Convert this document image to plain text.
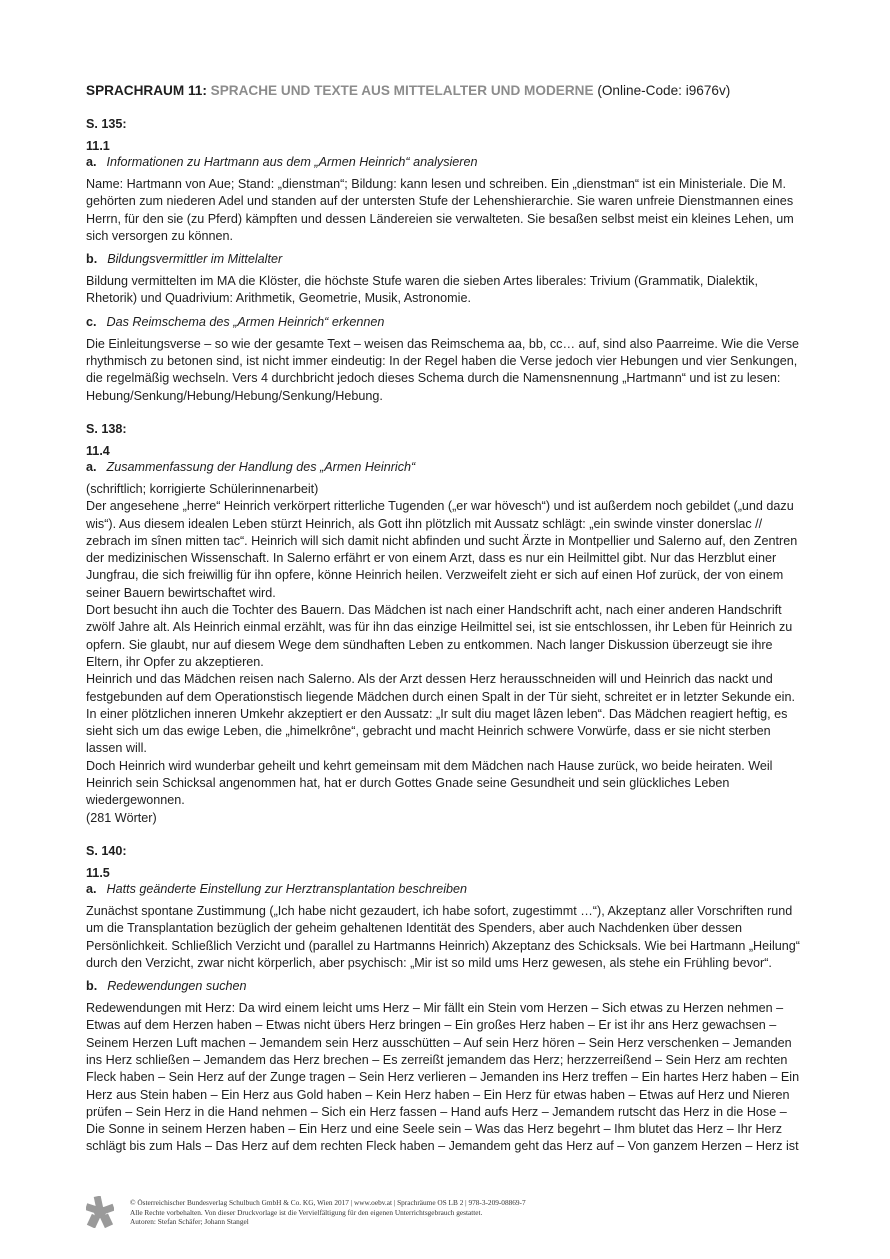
SPRACHRAUM 11: SPRACHE UND TEXTE AUS MITTELALTER UND MODERNE (Online-Code: i9676v)
S. 135:
11.1
a. Informationen zu Hartmann aus dem „Armen Heinrich“ analysieren

Name: Hartmann von Aue; Stand: „dienstman“; Bildung: kann lesen und schreiben. Ein „dienstman“ ist ein Ministeriale. Die M. gehörten zum niederen Adel und standen auf der untersten Stufe der Lehenshierarchie. Sie waren unfreie Dienstmannen eines Herrn, für den sie (zu Pferd) kämpften und dessen Ländereien sie verwalteten. Sie besaßen selbst meist ein kleines Lehen, um sich versorgen zu können.

b. Bildungsvermittler im Mittelalter

Bildung vermittelten im MA die Klöster, die höchste Stufe waren die sieben Artes liberales: Trivium (Grammatik, Dialektik, Rhetorik) und Quadrivium: Arithmetik, Geometrie, Musik, Astronomie.

c. Das Reimschema des „Armen Heinrich“ erkennen

Die Einleitungsverse – so wie der gesamte Text – weisen das Reimschema aa, bb, cc… auf, sind also Paarreime. Wie die Verse rhythmisch zu betonen sind, ist nicht immer eindeutig: In der Regel haben die Verse jedoch vier Hebungen und vier Senkungen, die regelmäßig wechseln. Vers 4 durchbricht jedoch dieses Schema durch die Namensnennung „Hartmann“ und ist zu lesen: Hebung/Senkung/Hebung/Hebung/Senkung/Hebung.

S. 138:
11.4
a. Zusammenfassung der Handlung des „Armen Heinrich“

(schriftlich; korrigierte Schülerinnenarbeit)
Der angesehene „herre“ Heinrich verkörpert ritterliche Tugenden („er war hövesch“) und ist außerdem noch gebildet („und dazu wis“). Aus diesem idealen Leben stürzt Heinrich, als Gott ihn plötzlich mit Aussatz schlägt: „ein swinde vinster donerslac // zebrach im sînen mitten tac“. Heinrich will sich damit nicht abfinden und sucht Ärzte in Montpellier und Salerno auf, den Zentren der medizinischen Wissenschaft. In Salerno erfährt er von einem Arzt, dass es nur ein Heilmittel gibt. Nur das Herzblut einer Jungfrau, die sich freiwillig für ihn opfere, könne Heinrich heilen. Verzweifelt zieht er sich auf einen Hof zurück, der von einem seiner Bauern bewirtschaftet wird.
Dort besucht ihn auch die Tochter des Bauern. Das Mädchen ist nach einer Handschrift acht, nach einer anderen Handschrift zwölf Jahre alt. Als Heinrich einmal erzählt, was für ihn das einzige Heilmittel sei, ist sie entschlossen, ihr Leben für Heinrich zu opfern. Sie glaubt, nur auf diesem Wege dem sündhaften Leben zu entkommen. Nach langer Diskussion überzeugt sie ihre Eltern, ihr Opfer zu akzeptieren.
Heinrich und das Mädchen reisen nach Salerno. Als der Arzt dessen Herz herausschneiden will und Heinrich das nackt und festgebunden auf dem Operationstisch liegende Mädchen durch einen Spalt in der Tür sieht, schreitet er in letzter Sekunde ein. In einer plötzlichen inneren Umkehr akzeptiert er den Aussatz: „Ir sult diu maget lâzen leben“. Das Mädchen reagiert heftig, es sieht sich um das ewige Leben, die „himelkrône“, gebracht und macht Heinrich schwere Vorwürfe, dass er sie nicht sterben lassen will.
Doch Heinrich wird wunderbar geheilt und kehrt gemeinsam mit dem Mädchen nach Hause zurück, wo beide heiraten. Weil Heinrich sein Schicksal angenommen hat, hat er durch Gottes Gnade seine Gesundheit und sein glückliches Leben wiedergewonnen.
(281 Wörter)

S. 140:
11.5
a. Hatts geänderte Einstellung zur Herztransplantation beschreiben

Zunächst spontane Zustimmung („Ich habe nicht gezaudert, ich habe sofort, zugestimmt …“), Akzeptanz aller Vorschriften rund um die Transplantation bezüglich der geheim gehaltenen Identität des Spenders, aber auch Nachdenken über dessen Persönlichkeit. Schließlich Verzicht und (parallel zu Hartmanns Heinrich) Akzeptanz des Schicksals. Wie bei Hartmann „Heilung“ durch den Verzicht, zwar nicht körperlich, aber psychisch: „Mir ist so mild ums Herz gewesen, als stehe ein Frühling bevor“.

b. Redewendungen suchen

Redewendungen mit Herz: Da wird einem leicht ums Herz – Mir fällt ein Stein vom Herzen – Sich etwas zu Herzen nehmen – Etwas auf dem Herzen haben – Etwas nicht übers Herz bringen – Ein großes Herz haben – Er ist ihr ans Herz gewachsen – Seinem Herzen Luft machen – Jemandem sein Herz ausschütten – Auf sein Herz hören – Sein Herz verschenken – Jemanden ins Herz schließen – Jemandem das Herz brechen – Es zerreißt jemandem das Herz; herzzerreißend – Sein Herz am rechten Fleck haben – Sein Herz auf der Zunge tragen – Sein Herz verlieren – Jemanden ins Herz treffen – Ein hartes Herz haben – Ein Herz aus Stein haben – Ein Herz aus Gold haben – Kein Herz haben – Ein Herz für etwas haben – Etwas auf Herz und Nieren prüfen – Sein Herz in die Hand nehmen – Sich ein Herz fassen – Hand aufs Herz – Jemandem rutscht das Herz in die Hose – Die Sonne in seinem Herzen haben – Ein Herz und eine Seele sein – Was das Herz begehrt – Ihm blutet das Herz – Ihr Herz schlägt bis zum Hals – Das Herz auf dem rechten Fleck haben – Jemandem geht das Herz auf – Von ganzem Herzen – Herz ist

© Österreichischer Bundesverlag Schulbuch GmbH & Co. KG, Wien 2017 | www.oebv.at | Sprachräume OS LB 2 | 978-3-209-08869-7
Alle Rechte vorbehalten. Von dieser Druckvorlage ist die Vervielfältigung für den eigenen Unterrichtsgebrauch gestattet.
Autoren: Stefan Schäfer; Johann Stangel
